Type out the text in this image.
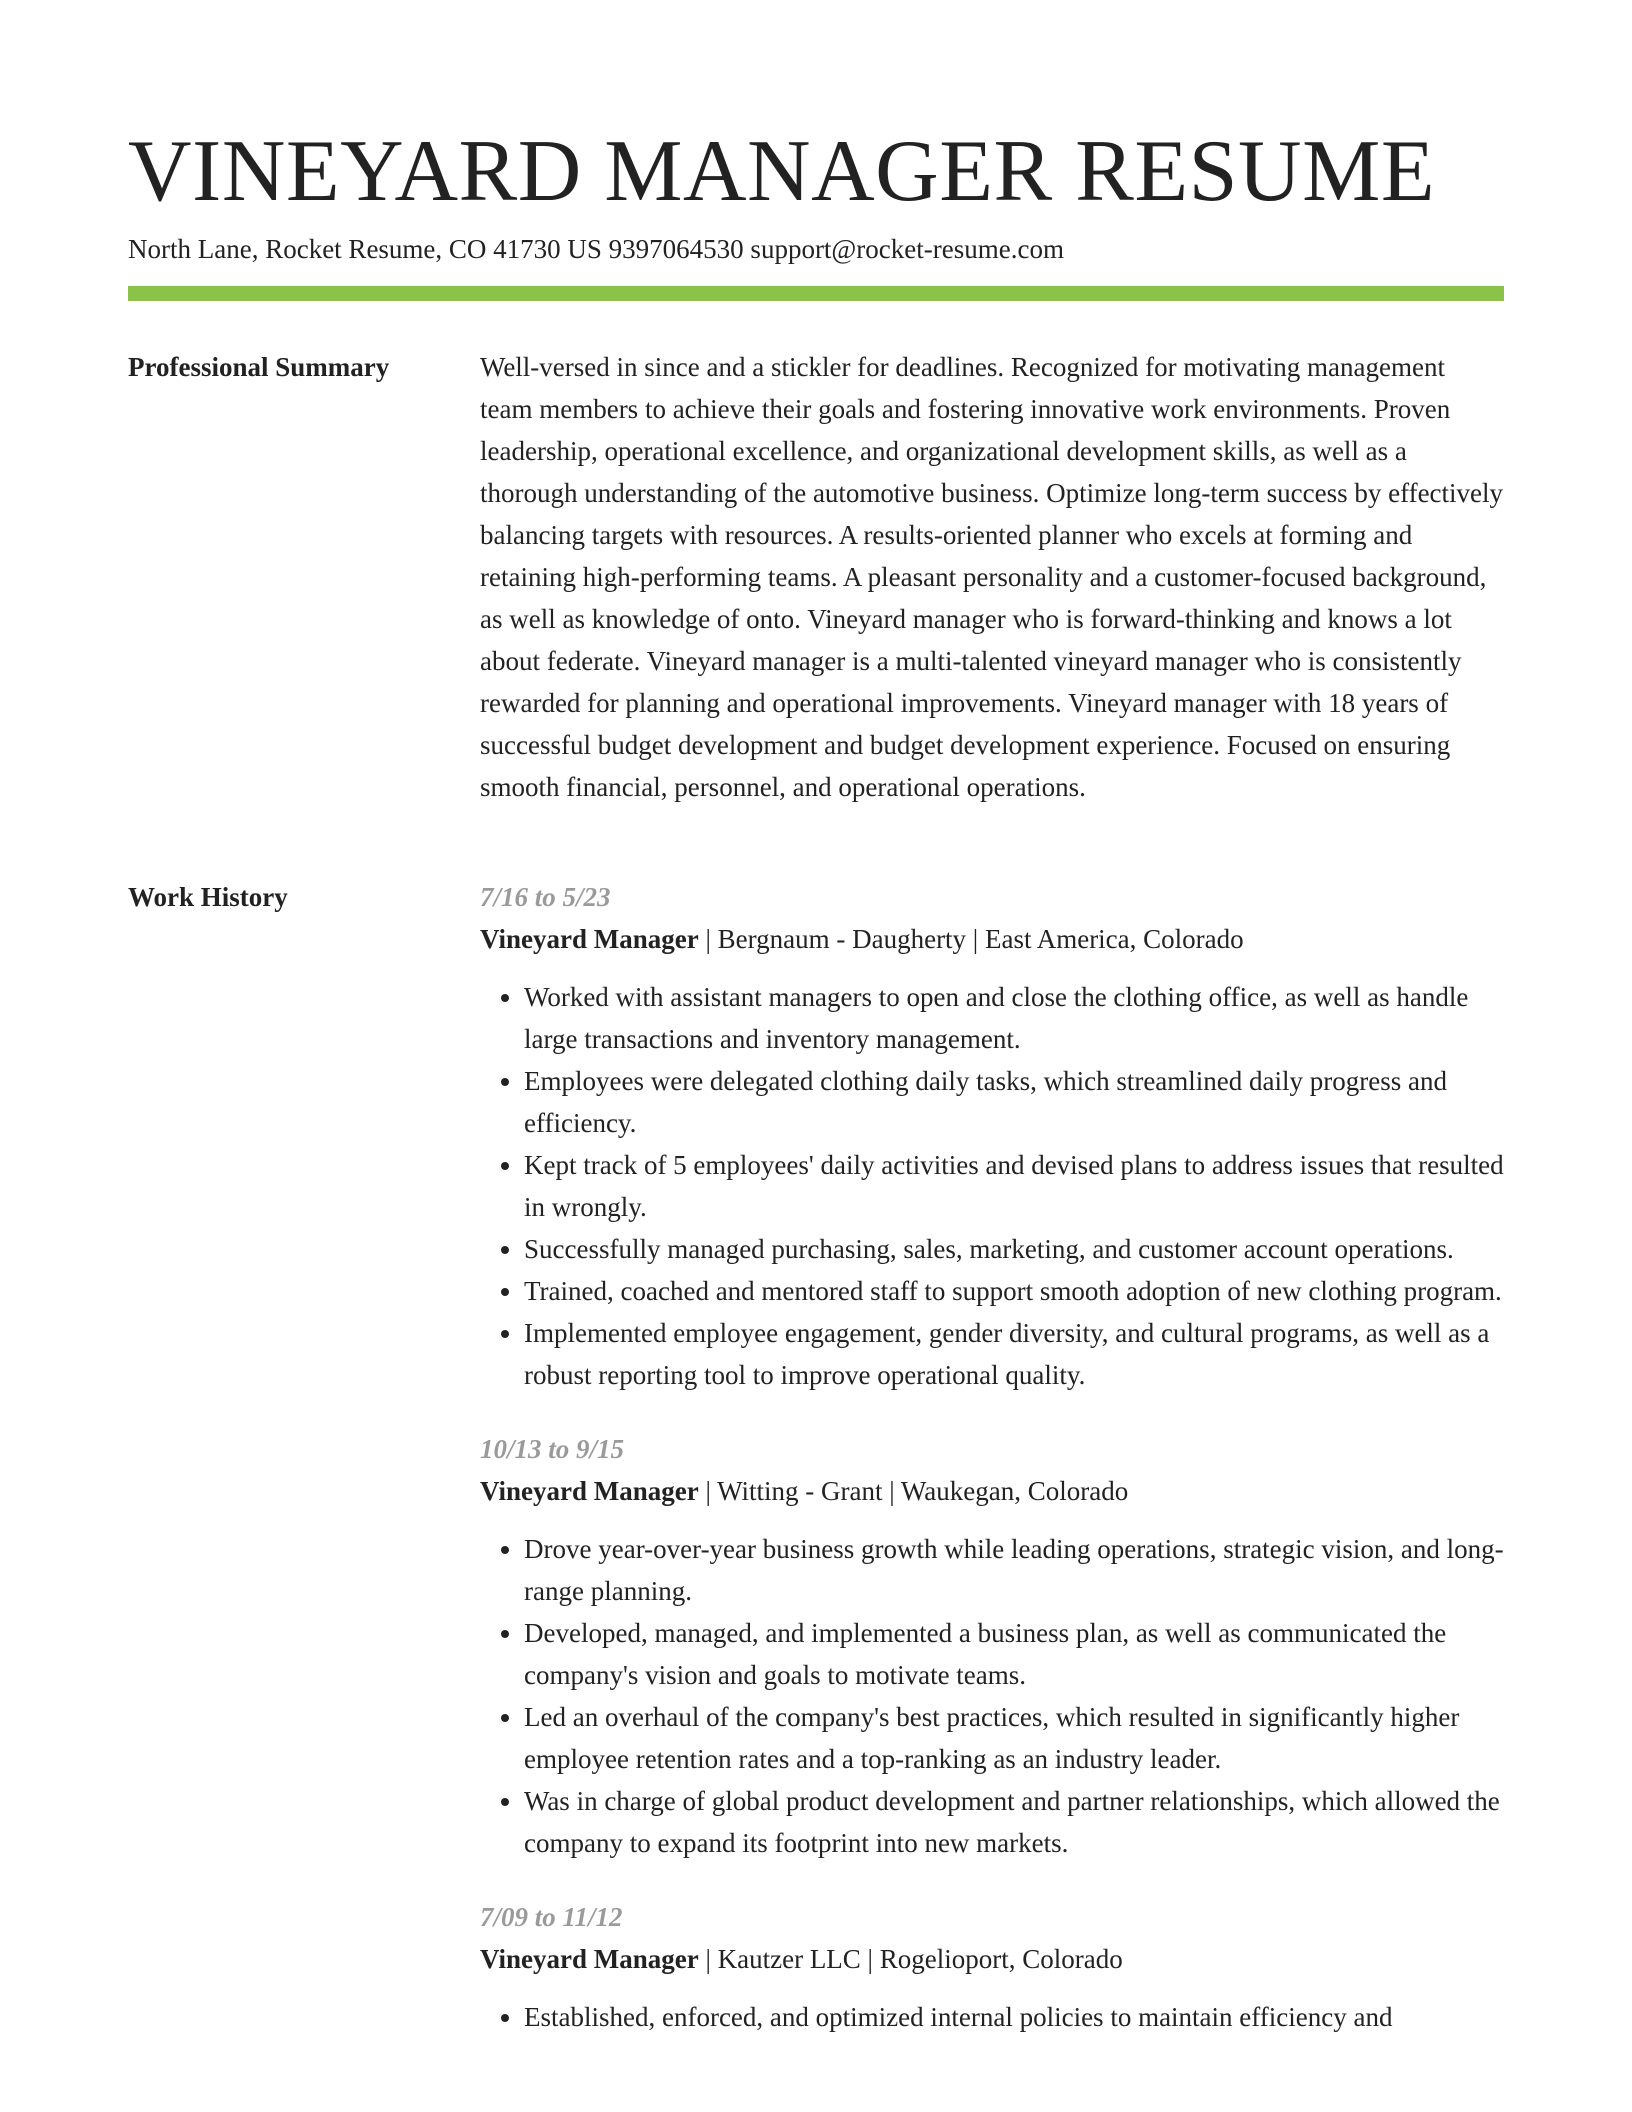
VINEYARD MANAGER RESUME
North Lane, Rocket Resume, CO 41730 US 9397064530 support@rocket-resume.com
Professional Summary	Well-versed in since and a stickler for deadlines. Recognized for motivating management team members to achieve their goals and fostering innovative work environments. Proven leadership, operational excellence, and organizational development skills, as well as a thorough understanding of the automotive business. Optimize long-term success by effectively balancing targets with resources. A results-oriented planner who excels at forming and retaining high-performing teams. A pleasant personality and a customer-focused background, as well as knowledge of onto. Vineyard manager who is forward-thinking and knows a lot about federate. Vineyard manager is a multi-talented vineyard manager who is consistently rewarded for planning and operational improvements. Vineyard manager with 18 years of successful budget development and budget development experience. Focused on ensuring smooth financial, personnel, and operational operations.

Work History	7/16 to 5/23
Vineyard Manager | Bergnaum - Daugherty | East America, Colorado
• Worked with assistant managers to open and close the clothing office, as well as handle large transactions and inventory management.
• Employees were delegated clothing daily tasks, which streamlined daily progress and efficiency.
• Kept track of 5 employees' daily activities and devised plans to address issues that resulted in wrongly.
• Successfully managed purchasing, sales, marketing, and customer account operations.
• Trained, coached and mentored staff to support smooth adoption of new clothing program.
• Implemented employee engagement, gender diversity, and cultural programs, as well as a robust reporting tool to improve operational quality.
10/13 to 9/15
Vineyard Manager | Witting - Grant | Waukegan, Colorado
• Drove year-over-year business growth while leading operations, strategic vision, and long-range planning.
• Developed, managed, and implemented a business plan, as well as communicated the company's vision and goals to motivate teams.
• Led an overhaul of the company's best practices, which resulted in significantly higher employee retention rates and a top-ranking as an industry leader.
• Was in charge of global product development and partner relationships, which allowed the company to expand its footprint into new markets.
7/09 to 11/12
Vineyard Manager | Kautzer LLC | Rogelioport, Colorado
• Established, enforced, and optimized internal policies to maintain efficiency and
